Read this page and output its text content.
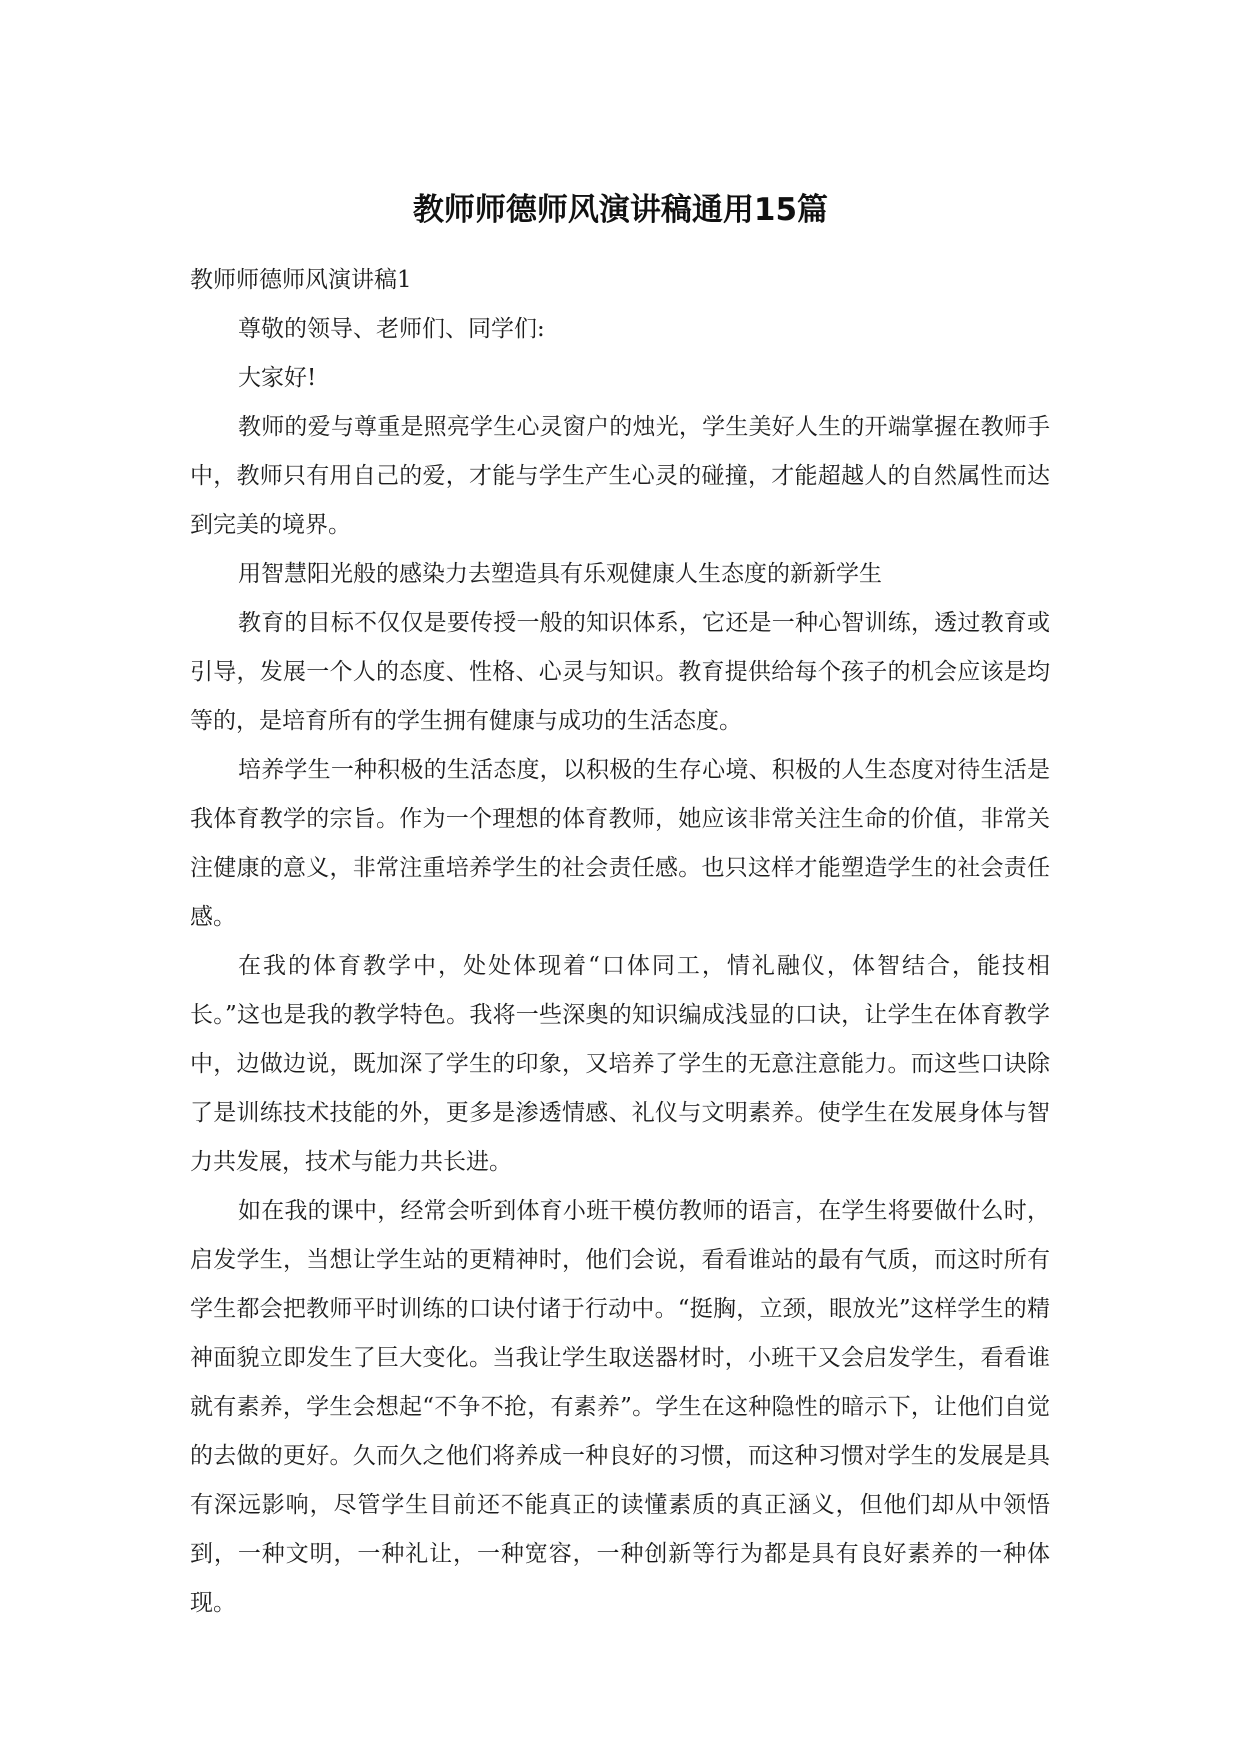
教师师德师风演讲稿通用15篇

教师师德师风演讲稿1

尊敬的领导、老师们、同学们:

大家好!

教师的爱与尊重是照亮学生心灵窗户的烛光，学生美好人生的开端掌握在教师手中，教师只有用自己的爱，才能与学生产生心灵的碰撞，才能超越人的自然属性而达到完美的境界。

用智慧阳光般的感染力去塑造具有乐观健康人生态度的新新学生

教育的目标不仅仅是要传授一般的知识体系，它还是一种心智训练，透过教育或引导，发展一个人的态度、性格、心灵与知识。教育提供给每个孩子的机会应该是均等的，是培育所有的学生拥有健康与成功的生活态度。

培养学生一种积极的生活态度，以积极的生存心境、积极的人生态度对待生活是我体育教学的宗旨。作为一个理想的体育教师，她应该非常关注生命的价值，非常关注健康的意义，非常注重培养学生的社会责任感。也只这样才能塑造学生的社会责任感。

在我的体育教学中，处处体现着“口体同工，情礼融仪，体智结合，能技相长。”这也是我的教学特色。我将一些深奥的知识编成浅显的口诀，让学生在体育教学中，边做边说，既加深了学生的印象，又培养了学生的无意注意能力。而这些口诀除了是训练技术技能的外，更多是渗透情感、礼仪与文明素养。使学生在发展身体与智力共发展，技术与能力共长进。

如在我的课中，经常会听到体育小班干模仿教师的语言，在学生将要做什么时，启发学生，当想让学生站的更精神时，他们会说，看看谁站的最有气质，而这时所有学生都会把教师平时训练的口诀付诸于行动中。“挺胸，立颈，眼放光”这样学生的精神面貌立即发生了巨大变化。当我让学生取送器材时，小班干又会启发学生，看看谁就有素养，学生会想起“不争不抢，有素养”。学生在这种隐性的暗示下，让他们自觉的去做的更好。久而久之他们将养成一种良好的习惯，而这种习惯对学生的发展是具有深远影响，尽管学生目前还不能真正的读懂素质的真正涵义，但他们却从中领悟到，一种文明，一种礼让，一种宽容，一种创新等行为都是具有良好素养的一种体现。
